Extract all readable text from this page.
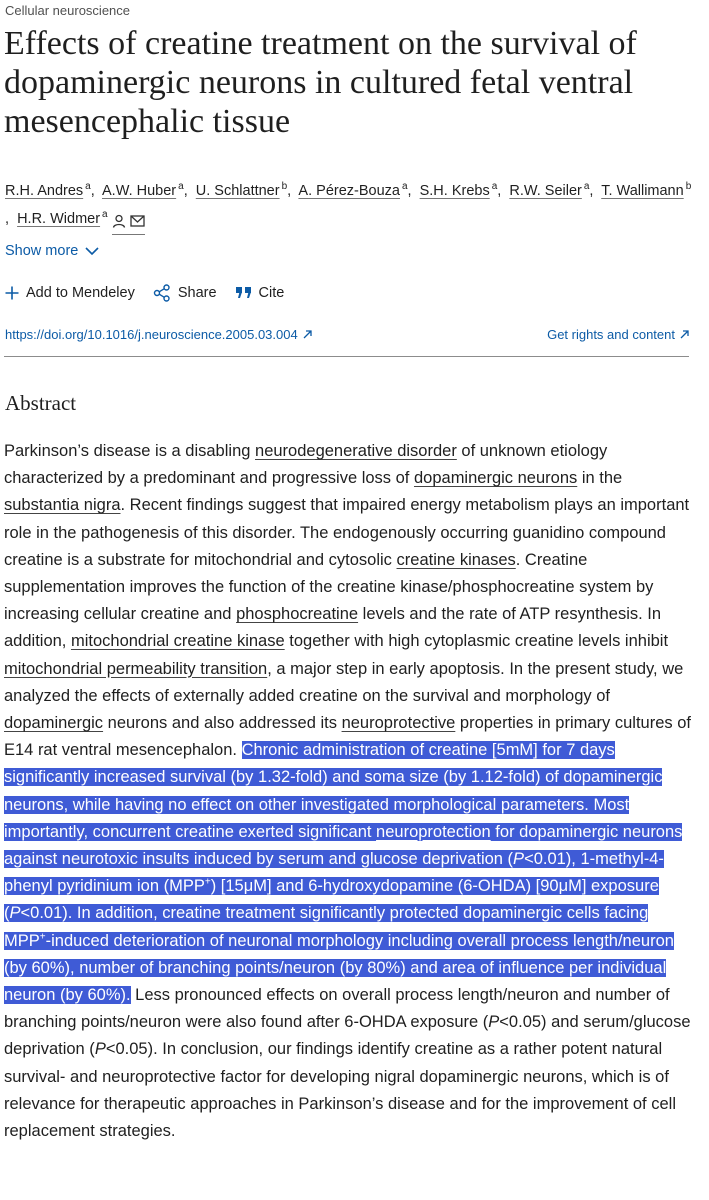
Cellular neuroscience
Effects of creatine treatment on the survival of dopaminergic neurons in cultured fetal ventral mesencephalic tissue
R.H. Andres $^a$, A.W. Huber $^a$, U. Schlattner $^b$, A. Pérez-Bouza $^a$, S.H. Krebs $^a$, R.W. Seiler $^a$, T. Wallimann $^b$, H.R. Widmer $^a$
Show more
Add to Mendeley	Share	Cite
https://doi.org/10.1016/j.neuroscience.2005.03.004	Get rights and content
Abstract

Parkinson’s disease is a disabling neurodegenerative disorder of unknown etiology characterized by a predominant and progressive loss of dopaminergic neurons in the substantia nigra. Recent findings suggest that impaired energy metabolism plays an important role in the pathogenesis of this disorder. The endogenously occurring guanidino compound creatine is a substrate for mitochondrial and cytosolic creatine kinases. Creatine supplementation improves the function of the creatine kinase/phosphocreatine system by increasing cellular creatine and phosphocreatine levels and the rate of ATP resynthesis. In addition, mitochondrial creatine kinase together with high cytoplasmic creatine levels inhibit mitochondrial permeability transition, a major step in early apoptosis. In the present study, we analyzed the effects of externally added creatine on the survival and morphology of dopaminergic neurons and also addressed its neuroprotective properties in primary cultures of E14 rat ventral mesencephalon. Chronic administration of creatine [5mM] for 7 days significantly increased survival (by 1.32-fold) and soma size (by 1.12-fold) of dopaminergic neurons, while having no effect on other investigated morphological parameters. Most importantly, concurrent creatine exerted significant neuroprotection for dopaminergic neurons against neurotoxic insults induced by serum and glucose deprivation (P<0.01), 1-methyl-4-phenyl pyridinium ion (MPP+) [15μM] and 6-hydroxydopamine (6-OHDA) [90μM] exposure (P<0.01). In addition, creatine treatment significantly protected dopaminergic cells facing MPP+-induced deterioration of neuronal morphology including overall process length/neuron (by 60%), number of branching points/neuron (by 80%) and area of influence per individual neuron (by 60%). Less pronounced effects on overall process length/neuron and number of branching points/neuron were also found after 6-OHDA exposure (P<0.05) and serum/glucose deprivation (P<0.05). In conclusion, our findings identify creatine as a rather potent natural survival- and neuroprotective factor for developing nigral dopaminergic neurons, which is of relevance for therapeutic approaches in Parkinson’s disease and for the improvement of cell replacement strategies.
